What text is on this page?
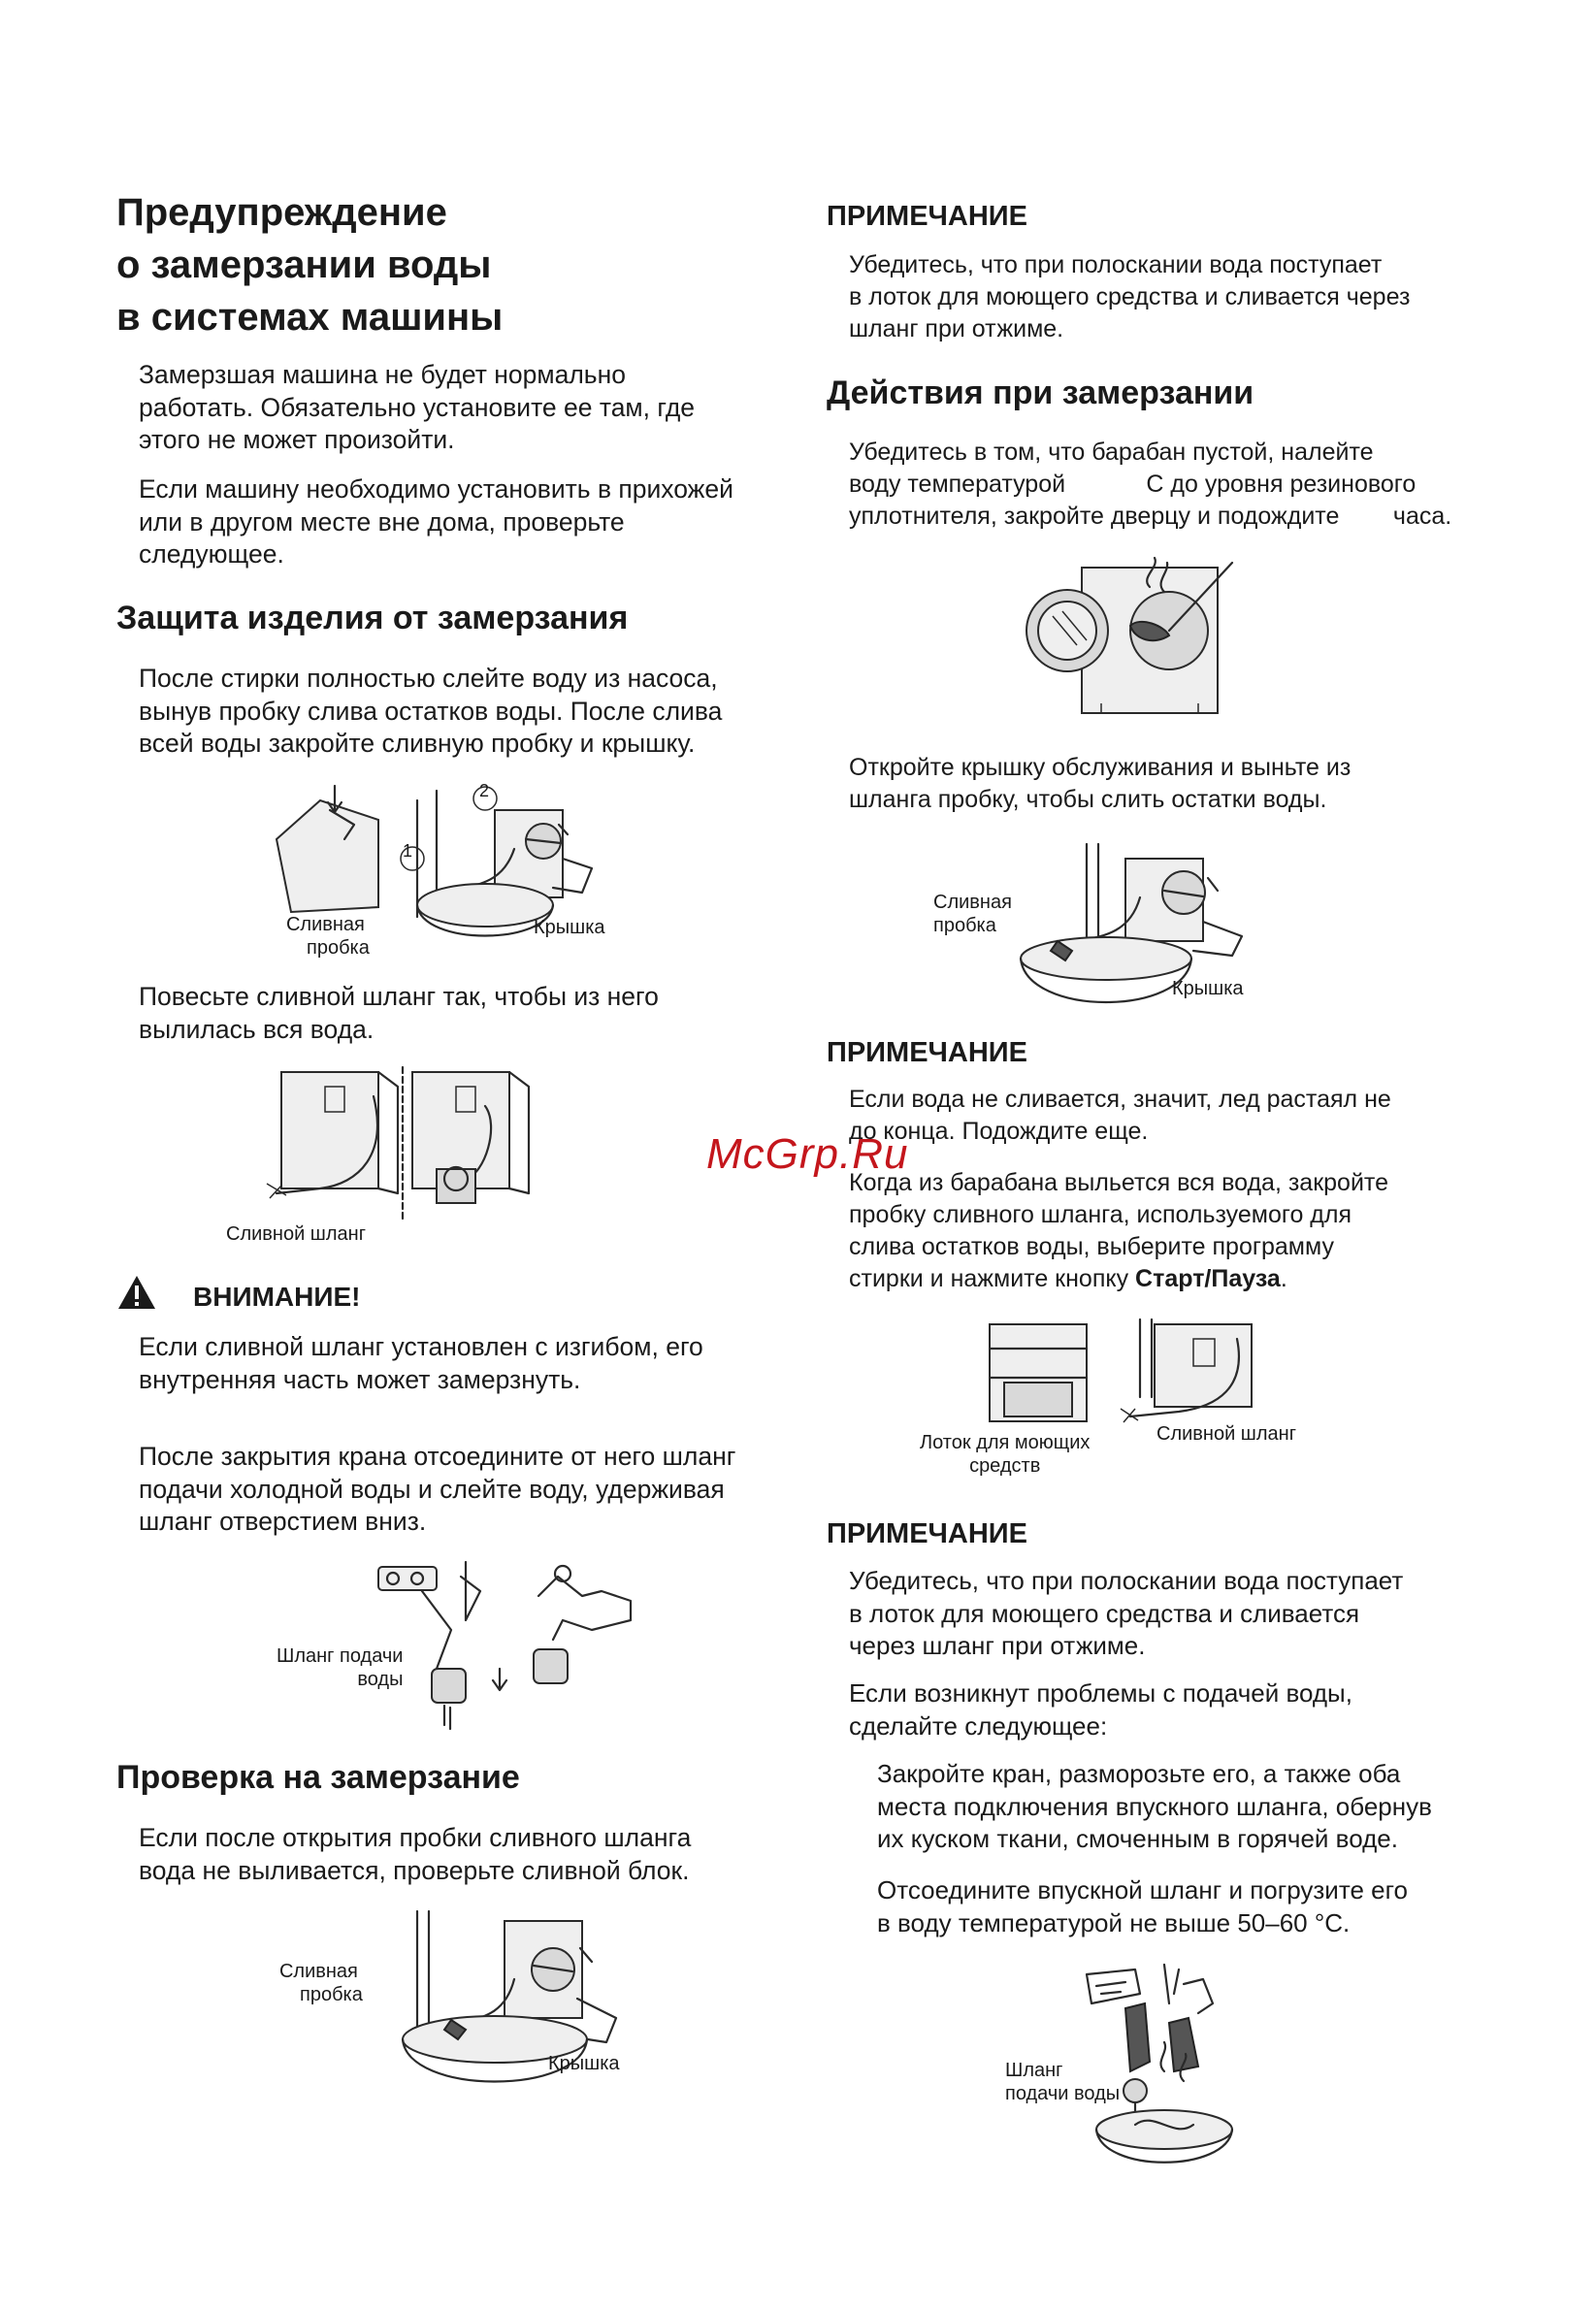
Предупреждение
о замерзании воды
в системах машины
Замерзшая машина не будет нормально
работать. Обязательно установите ее там, где
этого не может произойти.
Если машину необходимо установить в прихожей
или в другом месте вне дома, проверьте
следующее.
Защита изделия от замерзания
После стирки полностью слейте воду из насоса,
вынув пробку слива остатков воды. После слива
всей воды закройте сливную пробку и крышку.
1
2
Сливная
пробка
Крышка
Повесьте сливной шланг так, чтобы из него
вылилась вся вода.
Сливной шланг
ВНИМАНИЕ!
Если сливной шланг установлен с изгибом, его
внутренняя часть может замерзнуть.
После закрытия крана отсоедините от него шланг
подачи холодной воды и слейте воду, удерживая
шланг отверстием вниз.
Шланг подачи
воды
Проверка на замерзание
Если после открытия пробки сливного шланга
вода не выливается, проверьте сливной блок.
Сливная
пробка
Крышка
ПРИМЕЧАНИЕ
Убедитесь, что при полоскании вода поступает
в лоток для моющего средства и сливается через
шланг при отжиме.
Действия при замерзании
Убедитесь в том, что барабан пустой, налейте
воду температурой            С до уровня резинового
уплотнителя, закройте дверцу и подождите        часа.
Откройте крышку обслуживания и выньте из
шланга пробку, чтобы слить остатки воды.
Сливная
пробка
Крышка
ПРИМЕЧАНИЕ
Если вода не сливается, значит, лед растаял не
до конца. Подождите еще.
Когда из барабана выльется вся вода, закройте
пробку сливного шланга, используемого для
слива остатков воды, выберите программу
стирки и нажмите кнопку Старт/Пауза.
Лоток для моющих
средств
Сливной шланг
ПРИМЕЧАНИЕ
Убедитесь, что при полоскании вода поступает
в лоток для моющего средства и сливается
через шланг при отжиме.
Если возникнут проблемы с подачей воды,
сделайте следующее:
Закройте кран, разморозьте его, а также оба
места подключения впускного шланга, обернув
их куском ткани, смоченным в горячей воде.
Отсоедините впускной шланг и погрузите его
в воду температурой не выше 50–60 °С.
Шланг
подачи воды
McGrp.Ru
